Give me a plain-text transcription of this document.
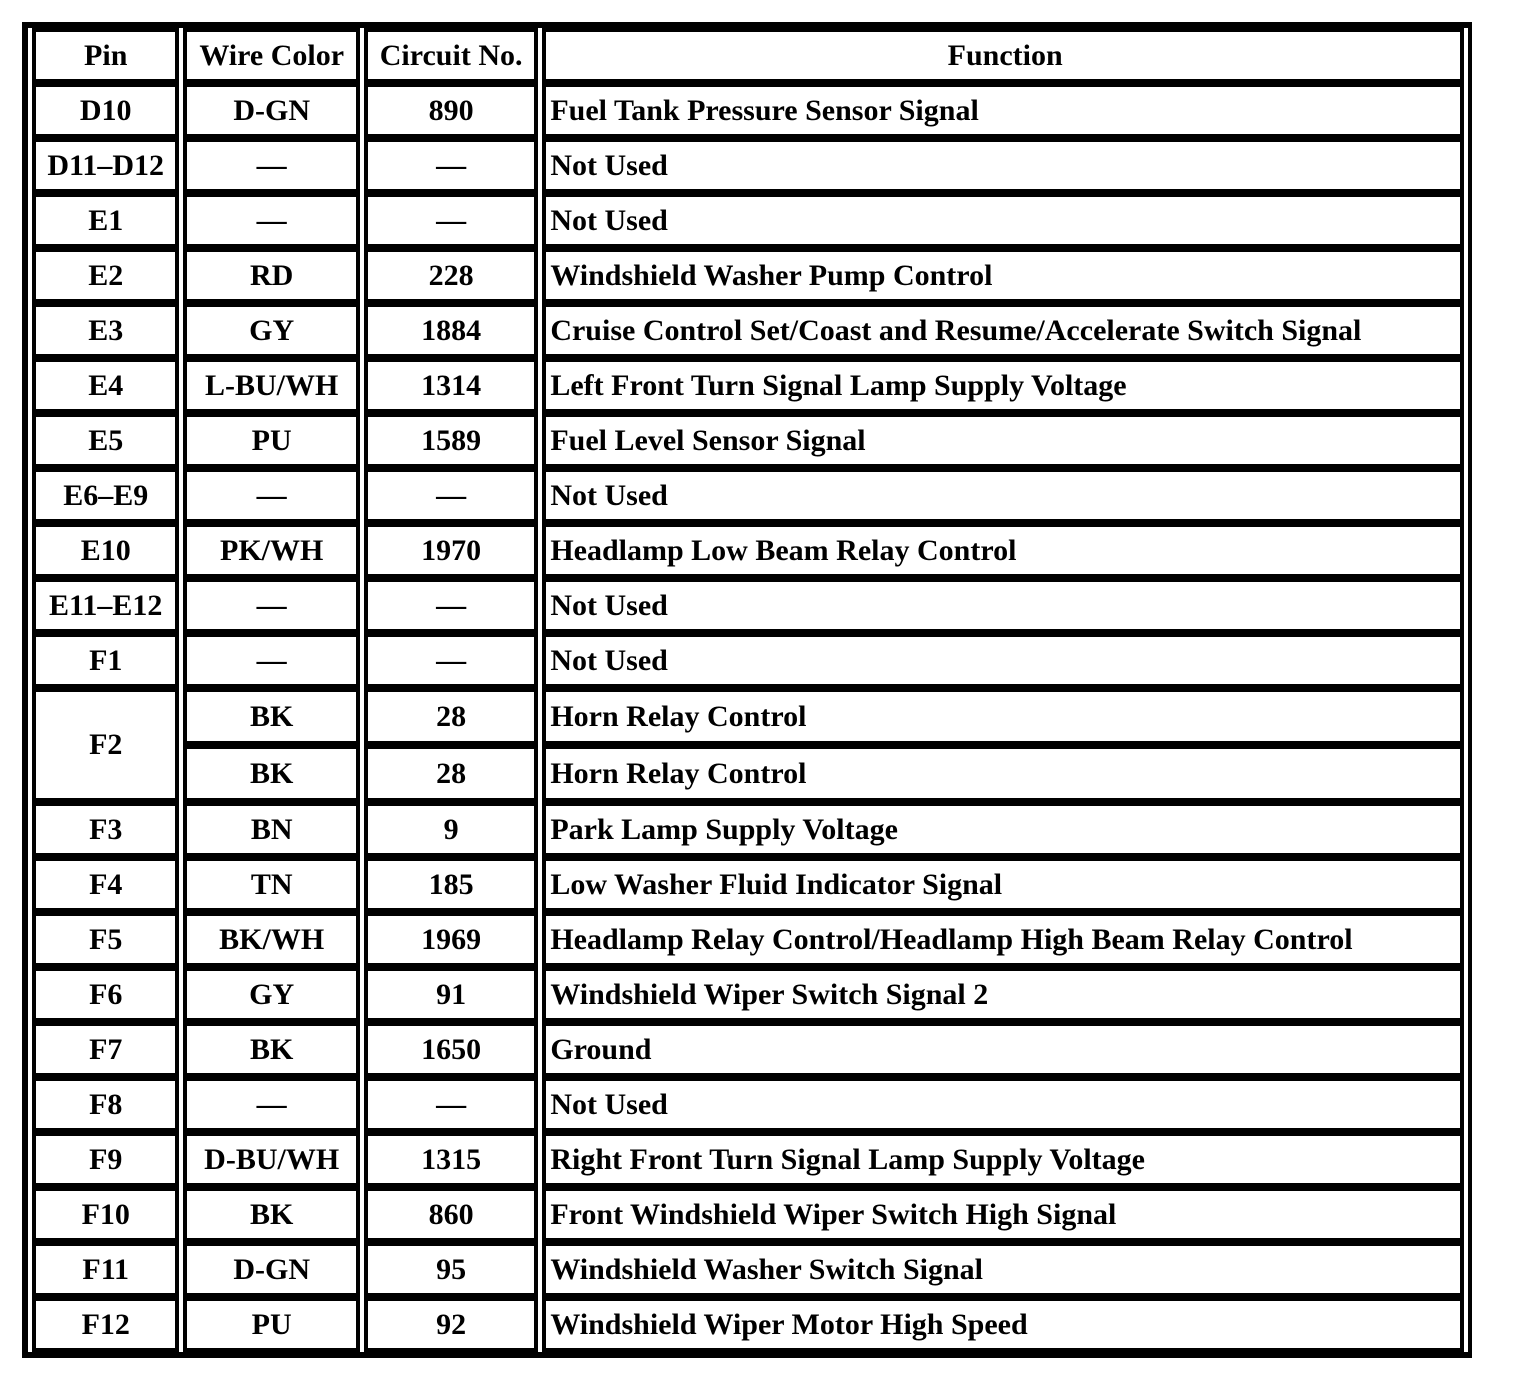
Pin	Wire Color	Circuit No.	Function

D10	D-GN	890	Fuel Tank Pressure Sensor Signal

D11–D12	—	—	Not Used

E1	—	—	Not Used

E2	RD	228	Windshield Washer Pump Control

E3	GY	1884	Cruise Control Set/Coast and Resume/Accelerate Switch Signal

E4	L-BU/WH	1314	Left Front Turn Signal Lamp Supply Voltage

E5	PU	1589	Fuel Level Sensor Signal

E6–E9	—	—	Not Used

E10	PK/WH	1970	Headlamp Low Beam Relay Control

E11–E12	—	—	Not Used

F1	—	—	Not Used

F2	BK	28	Horn Relay Control

	BK	28	Horn Relay Control

F3	BN	9	Park Lamp Supply Voltage

F4	TN	185	Low Washer Fluid Indicator Signal

F5	BK/WH	1969	Headlamp Relay Control/Headlamp High Beam Relay Control

F6	GY	91	Windshield Wiper Switch Signal 2

F7	BK	1650	Ground

F8	—	—	Not Used

F9	D-BU/WH	1315	Right Front Turn Signal Lamp Supply Voltage

F10	BK	860	Front Windshield Wiper Switch High Signal

F11	D-GN	95	Windshield Washer Switch Signal

F12	PU	92	Windshield Wiper Motor High Speed
